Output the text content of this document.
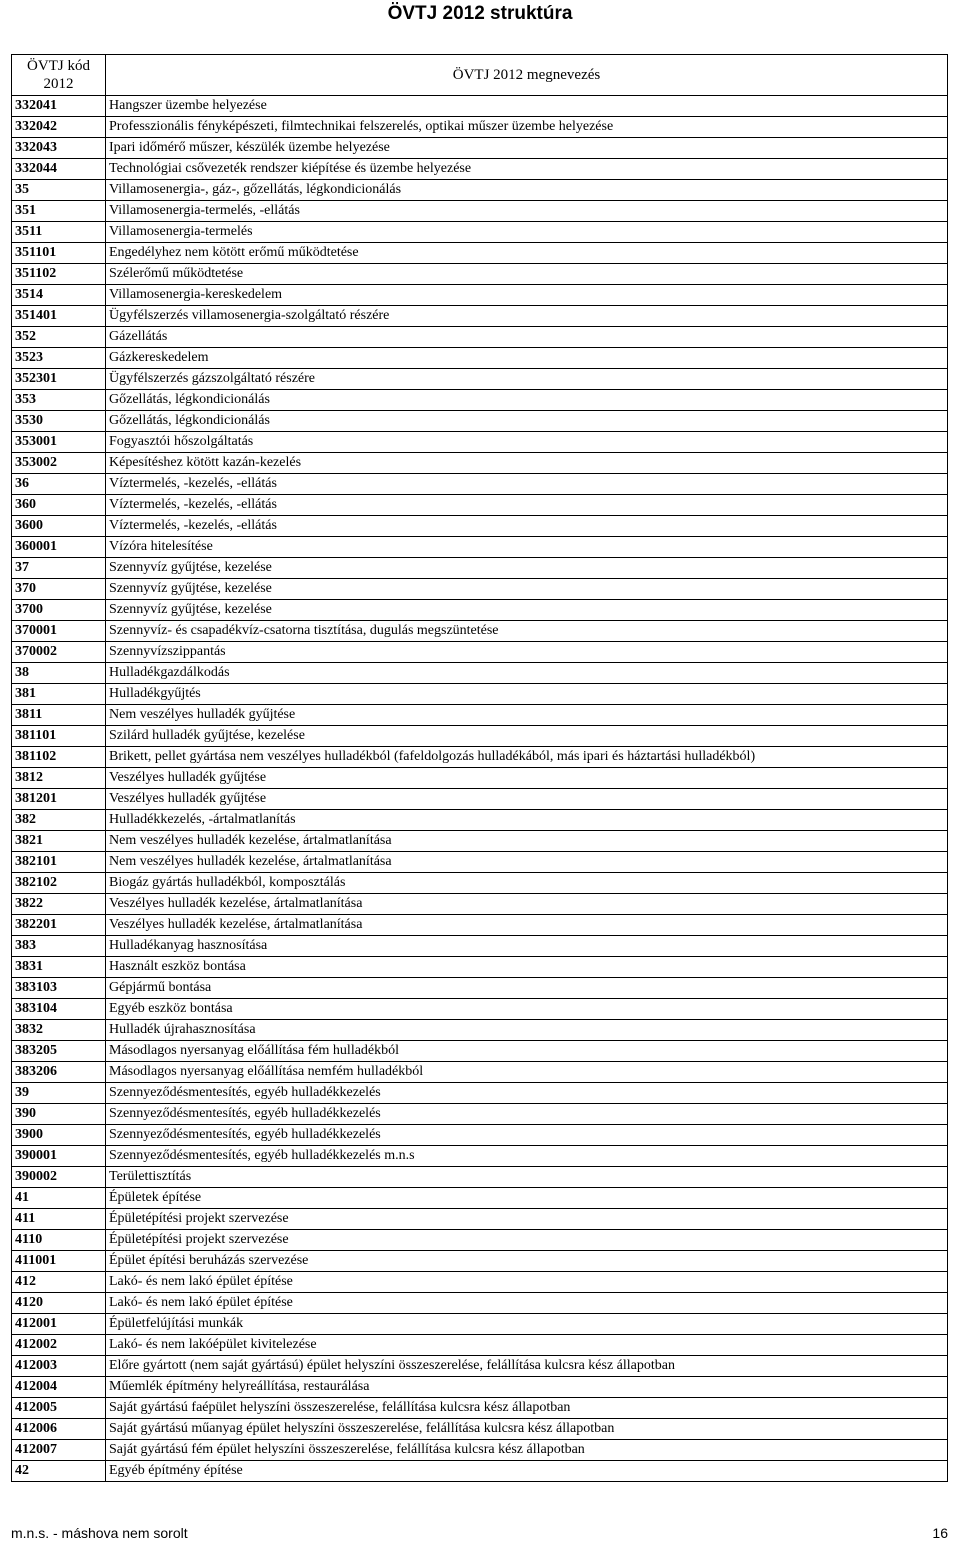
ÖVTJ 2012 struktúra
ÖVTJ kód
2012	ÖVTJ 2012 megnevezés
332041	Hangszer üzembe helyezése
332042	Professzionális fényképészeti, filmtechnikai felszerelés, optikai műszer üzembe helyezése
332043	Ipari időmérő műszer, készülék üzembe helyezése
332044	Technológiai csővezeték rendszer kiépítése és üzembe helyezése
35	Villamosenergia-, gáz-, gőzellátás, légkondicionálás
351	Villamosenergia-termelés, -ellátás
3511	Villamosenergia-termelés
351101	Engedélyhez nem kötött erőmű működtetése
351102	Szélerőmű működtetése
3514	Villamosenergia-kereskedelem
351401	Ügyfélszerzés villamosenergia-szolgáltató részére
352	Gázellátás
3523	Gázkereskedelem
352301	Ügyfélszerzés gázszolgáltató részére
353	Gőzellátás, légkondicionálás
3530	Gőzellátás, légkondicionálás
353001	Fogyasztói hőszolgáltatás
353002	Képesítéshez kötött kazán-kezelés
36	Víztermelés, -kezelés, -ellátás
360	Víztermelés, -kezelés, -ellátás
3600	Víztermelés, -kezelés, -ellátás
360001	Vízóra hitelesítése
37	Szennyvíz gyűjtése, kezelése
370	Szennyvíz gyűjtése, kezelése
3700	Szennyvíz gyűjtése, kezelése
370001	Szennyvíz- és csapadékvíz-csatorna tisztítása, dugulás megszüntetése
370002	Szennyvízszippantás
38	Hulladékgazdálkodás
381	Hulladékgyűjtés
3811	Nem veszélyes hulladék gyűjtése
381101	Szilárd hulladék gyűjtése, kezelése
381102	Brikett, pellet gyártása nem veszélyes hulladékból (fafeldolgozás hulladékából, más ipari és háztartási hulladékból)
3812	Veszélyes hulladék gyűjtése
381201	Veszélyes hulladék gyűjtése
382	Hulladékkezelés, -ártalmatlanítás
3821	Nem veszélyes hulladék kezelése, ártalmatlanítása
382101	Nem veszélyes hulladék kezelése, ártalmatlanítása
382102	Biogáz gyártás hulladékból, komposztálás
3822	Veszélyes hulladék kezelése, ártalmatlanítása
382201	Veszélyes hulladék kezelése, ártalmatlanítása
383	Hulladékanyag hasznosítása
3831	Használt eszköz bontása
383103	Gépjármű bontása
383104	Egyéb eszköz bontása
3832	Hulladék újrahasznosítása
383205	Másodlagos nyersanyag előállítása fém hulladékból
383206	Másodlagos nyersanyag előállítása nemfém hulladékból
39	Szennyeződésmentesítés, egyéb hulladékkezelés
390	Szennyeződésmentesítés, egyéb hulladékkezelés
3900	Szennyeződésmentesítés, egyéb hulladékkezelés
390001	Szennyeződésmentesítés, egyéb hulladékkezelés m.n.s
390002	Területtisztítás
41	Épületek építése
411	Épületépítési projekt szervezése
4110	Épületépítési projekt szervezése
411001	Épület építési beruházás szervezése
412	Lakó- és nem lakó épület építése
4120	Lakó- és nem lakó épület építése
412001	Épületfelújítási munkák
412002	Lakó- és nem lakóépület kivitelezése
412003	Előre gyártott (nem saját gyártású) épület helyszíni összeszerelése, felállítása kulcsra kész állapotban
412004	Műemlék építmény helyreállítása, restaurálása
412005	Saját gyártású faépület helyszíni összeszerelése, felállítása kulcsra kész állapotban
412006	Saját gyártású műanyag épület helyszíni összeszerelése, felállítása kulcsra kész állapotban
412007	Saját gyártású fém épület helyszíni összeszerelése, felállítása kulcsra kész állapotban
42	Egyéb építmény építése
m.n.s. - máshova nem sorolt	16
